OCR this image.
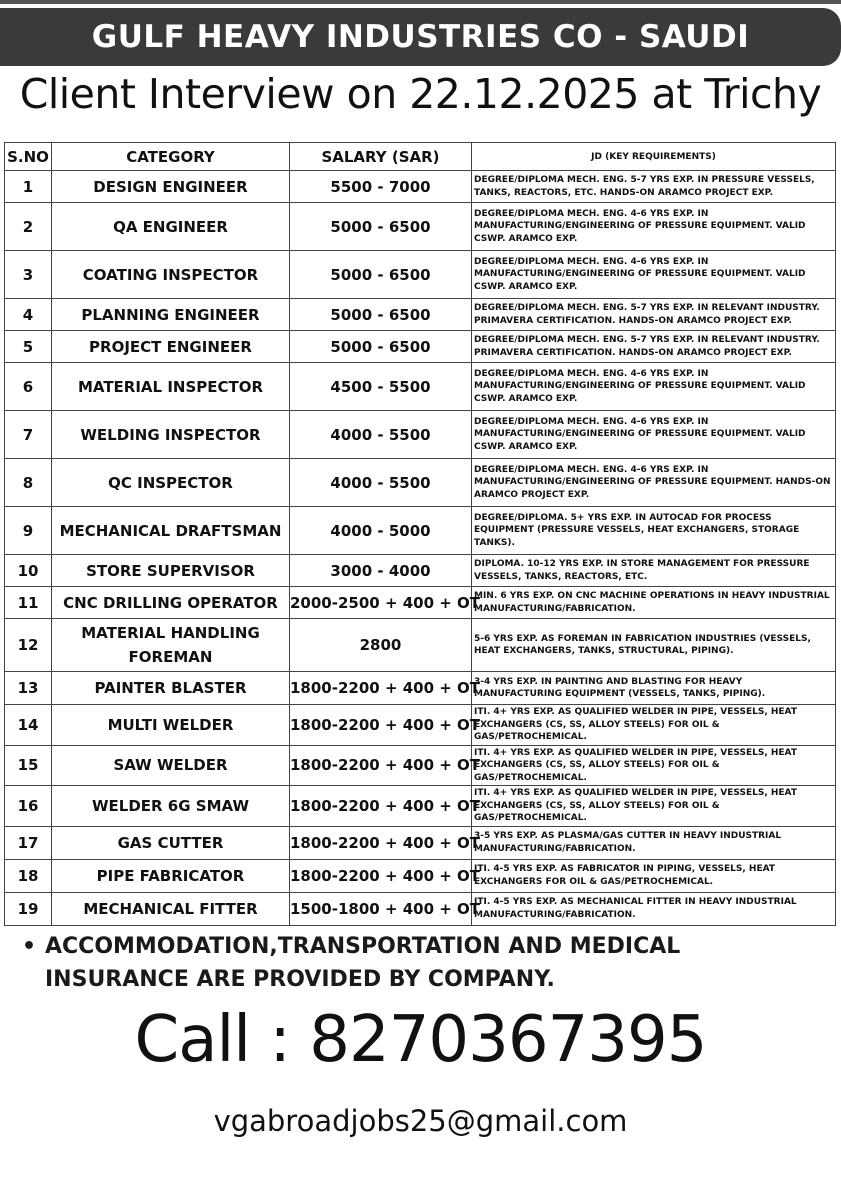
GULF HEAVY INDUSTRIES CO - SAUDI
Client Interview on 22.12.2025 at Trichy
S.NO	CATEGORY	SALARY (SAR)	JD (KEY REQUIREMENTS)
1	DESIGN ENGINEER	5500 - 7000	DEGREE/DIPLOMA MECH. ENG. 5-7 YRS EXP. IN PRESSURE VESSELS, TANKS, REACTORS, ETC. HANDS-ON ARAMCO PROJECT EXP.
2	QA ENGINEER	5000 - 6500	DEGREE/DIPLOMA MECH. ENG. 4-6 YRS EXP. IN MANUFACTURING/ENGINEERING OF PRESSURE EQUIPMENT. VALID CSWP. ARAMCO EXP.
3	COATING INSPECTOR	5000 - 6500	DEGREE/DIPLOMA MECH. ENG. 4-6 YRS EXP. IN MANUFACTURING/ENGINEERING OF PRESSURE EQUIPMENT. VALID CSWP. ARAMCO EXP.
4	PLANNING ENGINEER	5000 - 6500	DEGREE/DIPLOMA MECH. ENG. 5-7 YRS EXP. IN RELEVANT INDUSTRY. PRIMAVERA CERTIFICATION. HANDS-ON ARAMCO PROJECT EXP.
5	PROJECT ENGINEER	5000 - 6500	DEGREE/DIPLOMA MECH. ENG. 5-7 YRS EXP. IN RELEVANT INDUSTRY. PRIMAVERA CERTIFICATION. HANDS-ON ARAMCO PROJECT EXP.
6	MATERIAL INSPECTOR	4500 - 5500	DEGREE/DIPLOMA MECH. ENG. 4-6 YRS EXP. IN MANUFACTURING/ENGINEERING OF PRESSURE EQUIPMENT. VALID CSWP. ARAMCO EXP.
7	WELDING INSPECTOR	4000 - 5500	DEGREE/DIPLOMA MECH. ENG. 4-6 YRS EXP. IN MANUFACTURING/ENGINEERING OF PRESSURE EQUIPMENT. VALID CSWP. ARAMCO EXP.
8	QC INSPECTOR	4000 - 5500	DEGREE/DIPLOMA MECH. ENG. 4-6 YRS EXP. IN MANUFACTURING/ENGINEERING OF PRESSURE EQUIPMENT. HANDS-ON ARAMCO PROJECT EXP.
9	MECHANICAL DRAFTSMAN	4000 - 5000	DEGREE/DIPLOMA. 5+ YRS EXP. IN AUTOCAD FOR PROCESS EQUIPMENT (PRESSURE VESSELS, HEAT EXCHANGERS, STORAGE TANKS).
10	STORE SUPERVISOR	3000 - 4000	DIPLOMA. 10-12 YRS EXP. IN STORE MANAGEMENT FOR PRESSURE VESSELS, TANKS, REACTORS, ETC.
11	CNC DRILLING OPERATOR	2000-2500 + 400 + OT	MIN. 6 YRS EXP. ON CNC MACHINE OPERATIONS IN HEAVY INDUSTRIAL MANUFACTURING/FABRICATION.
12	MATERIAL HANDLING FOREMAN	2800	5-6 YRS EXP. AS FOREMAN IN FABRICATION INDUSTRIES (VESSELS, HEAT EXCHANGERS, TANKS, STRUCTURAL, PIPING).
13	PAINTER BLASTER	1800-2200 + 400 + OT	3-4 YRS EXP. IN PAINTING AND BLASTING FOR HEAVY MANUFACTURING EQUIPMENT (VESSELS, TANKS, PIPING).
14	MULTI WELDER	1800-2200 + 400 + OT	ITI. 4+ YRS EXP. AS QUALIFIED WELDER IN PIPE, VESSELS, HEAT EXCHANGERS (CS, SS, ALLOY STEELS) FOR OIL & GAS/PETROCHEMICAL.
15	SAW WELDER	1800-2200 + 400 + OT	ITI. 4+ YRS EXP. AS QUALIFIED WELDER IN PIPE, VESSELS, HEAT EXCHANGERS (CS, SS, ALLOY STEELS) FOR OIL & GAS/PETROCHEMICAL.
16	WELDER 6G SMAW	1800-2200 + 400 + OT	ITI. 4+ YRS EXP. AS QUALIFIED WELDER IN PIPE, VESSELS, HEAT EXCHANGERS (CS, SS, ALLOY STEELS) FOR OIL & GAS/PETROCHEMICAL.
17	GAS CUTTER	1800-2200 + 400 + OT	3-5 YRS EXP. AS PLASMA/GAS CUTTER IN HEAVY INDUSTRIAL MANUFACTURING/FABRICATION.
18	PIPE FABRICATOR	1800-2200 + 400 + OT	ITI. 4-5 YRS EXP. AS FABRICATOR IN PIPING, VESSELS, HEAT EXCHANGERS FOR OIL & GAS/PETROCHEMICAL.
19	MECHANICAL FITTER	1500-1800 + 400 + OT	ITI. 4-5 YRS EXP. AS MECHANICAL FITTER IN HEAVY INDUSTRIAL MANUFACTURING/FABRICATION.
• ACCOMMODATION,TRANSPORTATION AND MEDICAL INSURANCE ARE PROVIDED BY COMPANY.
Call : 8270367395
vgabroadjobs25@gmail.com
